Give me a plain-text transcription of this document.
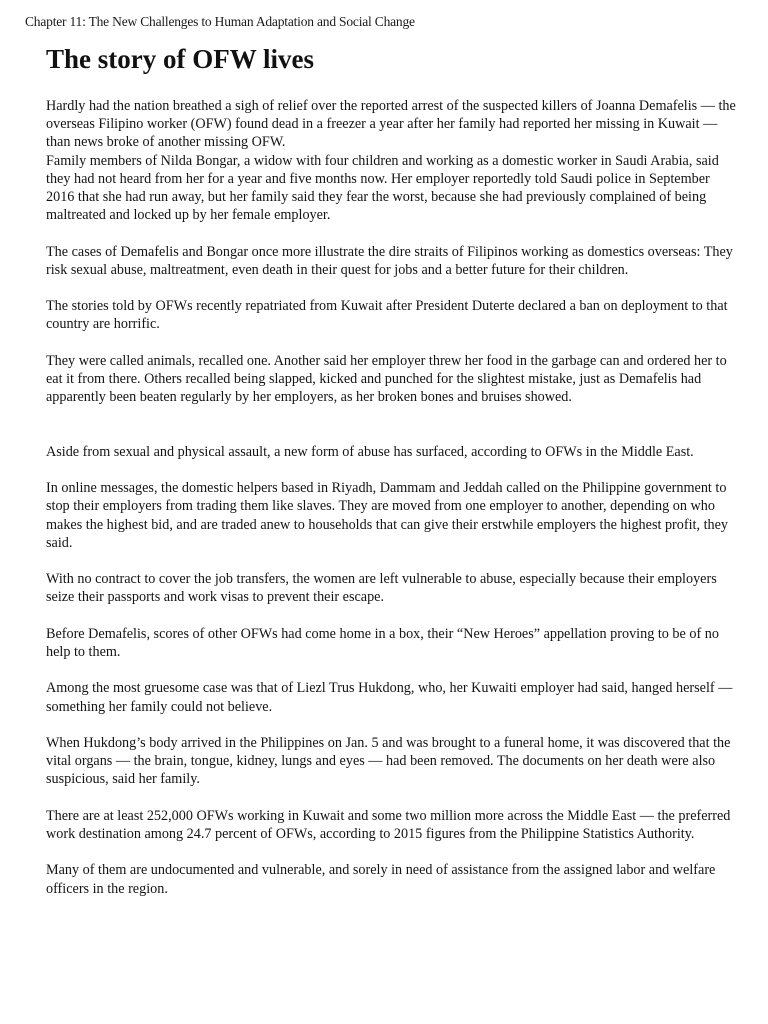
Chapter 11: The New Challenges to Human Adaptation and Social Change
The story of OFW lives

Hardly had the nation breathed a sigh of relief over the reported arrest of the suspected killers of Joanna Demafelis — the overseas Filipino worker (OFW) found dead in a freezer a year after her family had reported her missing in Kuwait — than news broke of another missing OFW.

Family members of Nilda Bongar, a widow with four children and working as a domestic worker in Saudi Arabia, said they had not heard from her for a year and five months now. Her employer reportedly told Saudi police in September 2016 that she had run away, but her family said they fear the worst, because she had previously complained of being maltreated and locked up by her female employer.

The cases of Demafelis and Bongar once more illustrate the dire straits of Filipinos working as domestics overseas: They risk sexual abuse, maltreatment, even death in their quest for jobs and a better future for their children.

The stories told by OFWs recently repatriated from Kuwait after President Duterte declared a ban on deployment to that country are horrific.

They were called animals, recalled one. Another said her employer threw her food in the garbage can and ordered her to eat it from there. Others recalled being slapped, kicked and punched for the slightest mistake, just as Demafelis had apparently been beaten regularly by her employers, as her broken bones and bruises showed.

Aside from sexual and physical assault, a new form of abuse has surfaced, according to OFWs in the Middle East.

In online messages, the domestic helpers based in Riyadh, Dammam and Jeddah called on the Philippine government to stop their employers from trading them like slaves. They are moved from one employer to another, depending on who makes the highest bid, and are traded anew to households that can give their erstwhile employers the highest profit, they said.

With no contract to cover the job transfers, the women are left vulnerable to abuse, especially because their employers seize their passports and work visas to prevent their escape.

Before Demafelis, scores of other OFWs had come home in a box, their “New Heroes” appellation proving to be of no help to them.

Among the most gruesome case was that of Liezl Trus Hukdong, who, her Kuwaiti employer had said, hanged herself — something her family could not believe.

When Hukdong’s body arrived in the Philippines on Jan. 5 and was brought to a funeral home, it was discovered that the vital organs — the brain, tongue, kidney, lungs and eyes — had been removed. The documents on her death were also suspicious, said her family.

There are at least 252,000 OFWs working in Kuwait and some two million more across the Middle East — the preferred work destination among 24.7 percent of OFWs, according to 2015 figures from the Philippine Statistics Authority.

Many of them are undocumented and vulnerable, and sorely in need of assistance from the assigned labor and welfare officers in the region.
